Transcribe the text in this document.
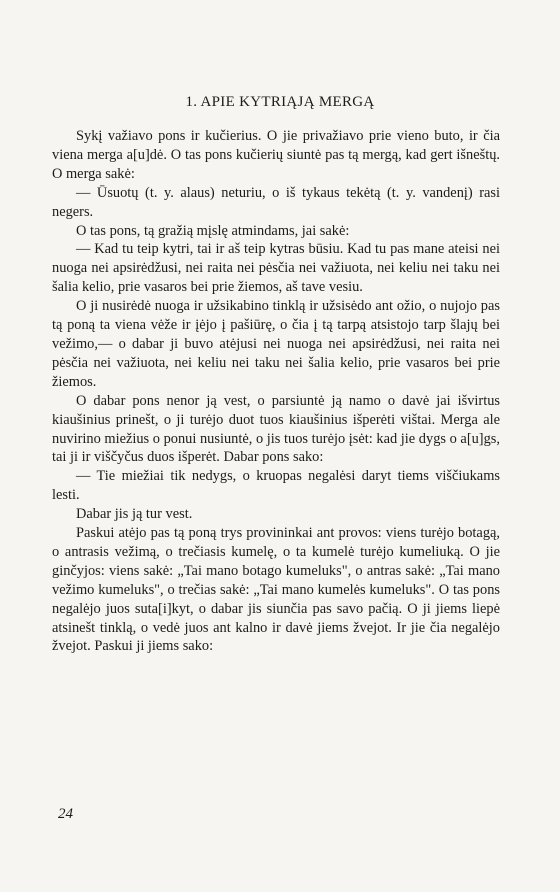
1. APIE KYTRIĄJĄ MERGĄ

Sykį važiavo pons ir kučierius. O jie privažiavo prie vieno buto, ir čia viena merga a[u]dė. O tas pons kučierių siuntė pas tą mergą, kad gert išneštų. O merga sakė:

— Ūsuotų (t. y. alaus) neturiu, o iš tykaus tekėtą (t. y. vandenį) rasi negers.

O tas pons, tą gražią mįslę atmindams, jai sakė:

— Kad tu teip kytri, tai ir aš teip kytras būsiu. Kad tu pas mane ateisi nei nuoga nei apsirėdžusi, nei raita nei pėsčia nei važiuota, nei keliu nei taku nei šalia kelio, prie vasaros bei prie žiemos, aš tave vesiu.

O ji nusirėdė nuoga ir užsikabino tinklą ir užsisėdo ant ožio, o nujojo pas tą poną ta viena vėže ir įėjo į pašiūrę, o čia į tą tarpą atsistojo tarp šlajų bei vežimo,— o dabar ji buvo atėjusi nei nuoga nei apsirėdžusi, nei raita nei pėsčia nei važiuota, nei keliu nei taku nei šalia kelio, prie vasaros bei prie žiemos.

O dabar pons nenor ją vest, o parsiuntė ją namo o davė jai išvirtus kiaušinius prinešt, o ji turėjo duot tuos kiaušinius išperėti vištai. Merga ale nuvirino miežius o ponui nusiuntė, o jis tuos turėjo įsėt: kad jie dygs o a[u]gs, tai ji ir viščyčus duos išperėt. Dabar pons sako:

— Tie miežiai tik nedygs, o kruopas negalėsi daryt tiems viščiukams lesti.

Dabar jis ją tur vest.

Paskui atėjo pas tą poną trys provininkai ant provos: viens turėjo botagą, o antrasis vežimą, o trečiasis kumelę, o ta kumelė turėjo kumeliuką. O jie ginčyjos: viens sakė: „Tai mano botago kumeluks", o antras sakė: „Tai mano vežimo kumeluks", o trečias sakė: „Tai mano kumelės kumeluks". O tas pons negalėjo juos suta[i]kyt, o dabar jis siunčia pas savo pačią. O ji jiems liepė atsinešt tinklą, o vedė juos ant kalno ir davė jiems žvejot. Ir jie čia negalėjo žvejot. Paskui ji jiems sako:

24
